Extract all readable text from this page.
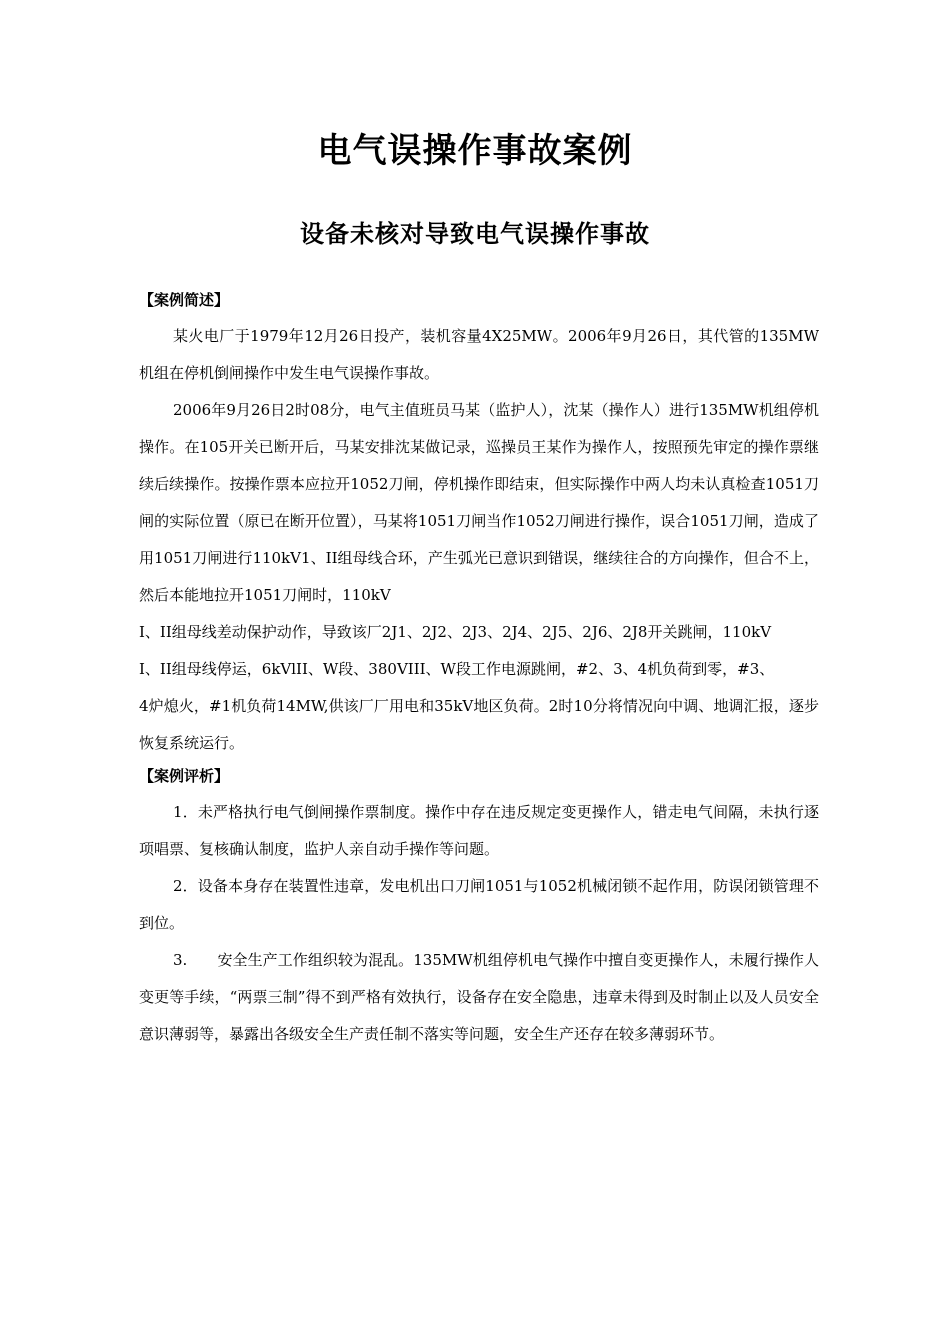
电气误操作事故案例
设备未核对导致电气误操作事故

【案例简述】

某火电厂于1979年12月26日投产，装机容量4X25MW。2006年9月26日，其代管的135MW机组在停机倒闸操作中发生电气误操作事故。

2006年9月26日2时08分，电气主值班员马某（监护人），沈某（操作人）进行135MW机组停机操作。在105开关已断开后，马某安排沈某做记录，巡操员王某作为操作人，按照预先审定的操作票继续后续操作。按操作票本应拉开1052刀闸，停机操作即结束，但实际操作中两人均未认真检查1051刀闸的实际位置（原已在断开位置），马某将1051刀闸当作1052刀闸进行操作，误合1051刀闸，造成了用1051刀闸进行110kV1、II组母线合环，产生弧光已意识到错误，继续往合的方向操作，但合不上，然后本能地拉开1051刀闸时，110kV

I、II组母线差动保护动作，导致该厂2J1、2J2、2J3、2J4、2J5、2J6、2J8开关跳闸，110kV

I、II组母线停运，6kVlII、W段、380VIII、W段工作电源跳闸，#2、3、4机负荷到零，#3、

4炉熄火，#1机负荷14MW,供该厂厂用电和35kV地区负荷。2时10分将情况向中调、地调汇报，逐步恢复系统运行。

【案例评析】

1．未严格执行电气倒闸操作票制度。操作中存在违反规定变更操作人，错走电气间隔，未执行逐项唱票、复核确认制度，监护人亲自动手操作等问题。

2．设备本身存在装置性违章，发电机出口刀闸1051与1052机械闭锁不起作用，防误闭锁管理不到位。

3.　　安全生产工作组织较为混乱。135MW机组停机电气操作中擅自变更操作人，未履行操作人变更等手续，“两票三制”得不到严格有效执行，设备存在安全隐患，违章未得到及时制止以及人员安全意识薄弱等，暴露出各级安全生产责任制不落实等问题，安全生产还存在较多薄弱环节。
